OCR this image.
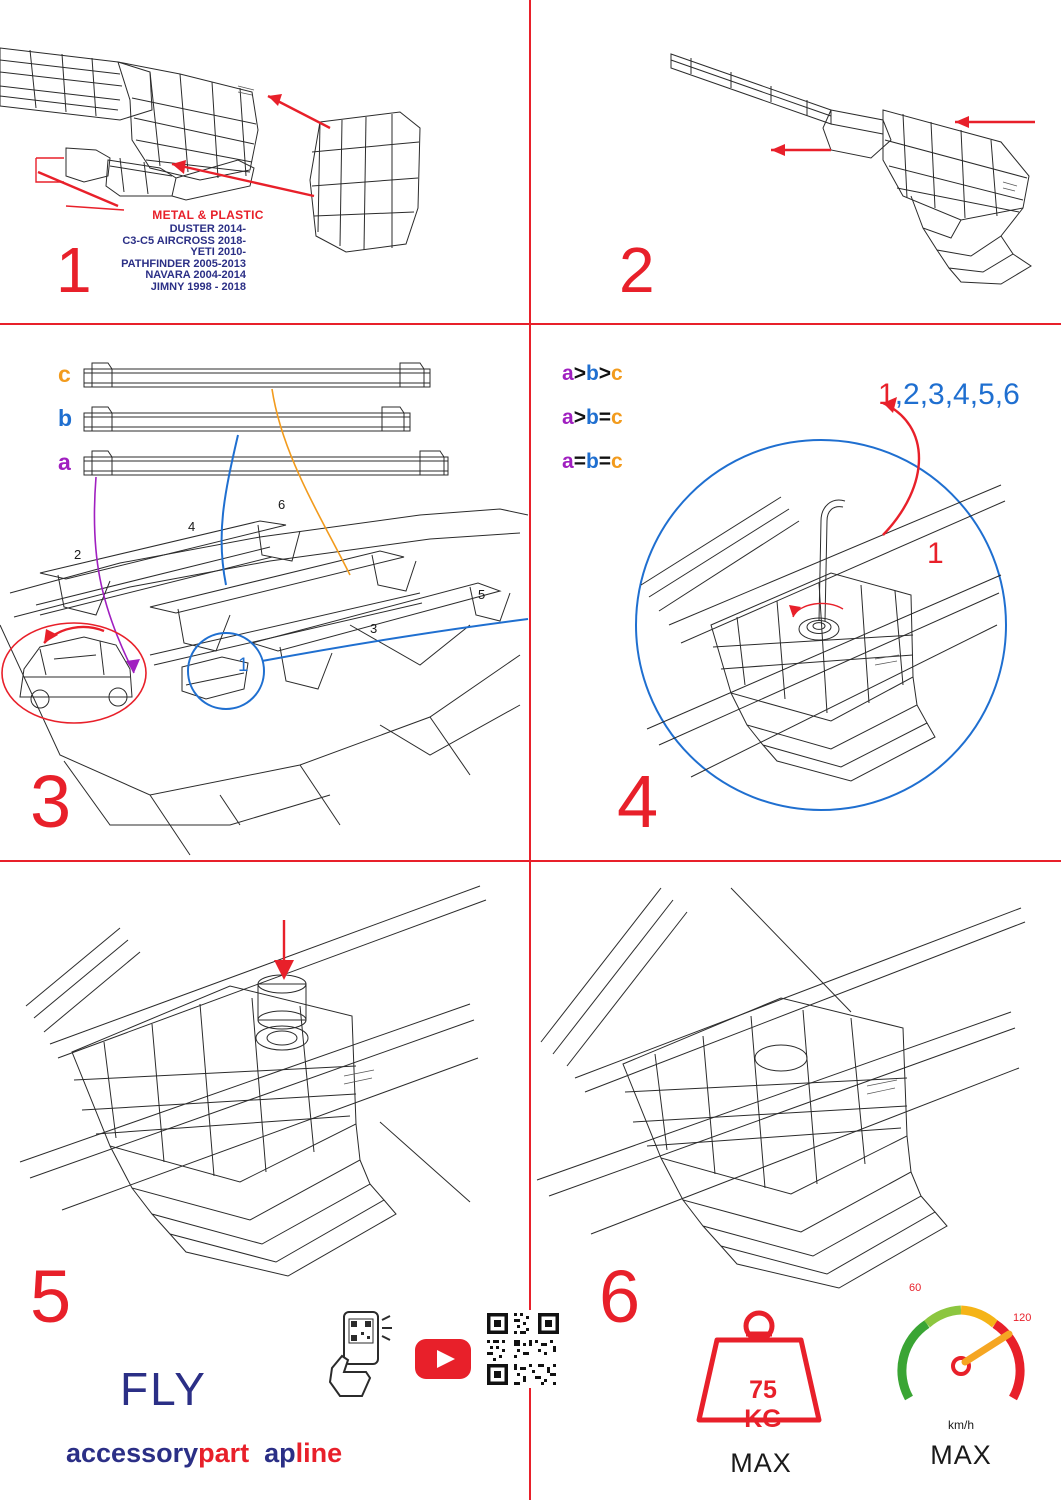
METAL & PLASTIC
DUSTER 2014-
C3-C5 AIRCROSS 2018-
YETI 2010-
PATHFINDER 2005-2013
NAVARA 2004-2014
JIMNY 1998 - 2018
1	2
c
b
a
2
4
6
5
3
1
3
a>b>c
a>b=c
a=b=c
1
4
1,2,3,4,5,6
5
FLY
accessorypart apline
6
75 KG
MAX
60
120
km/h
MAX
